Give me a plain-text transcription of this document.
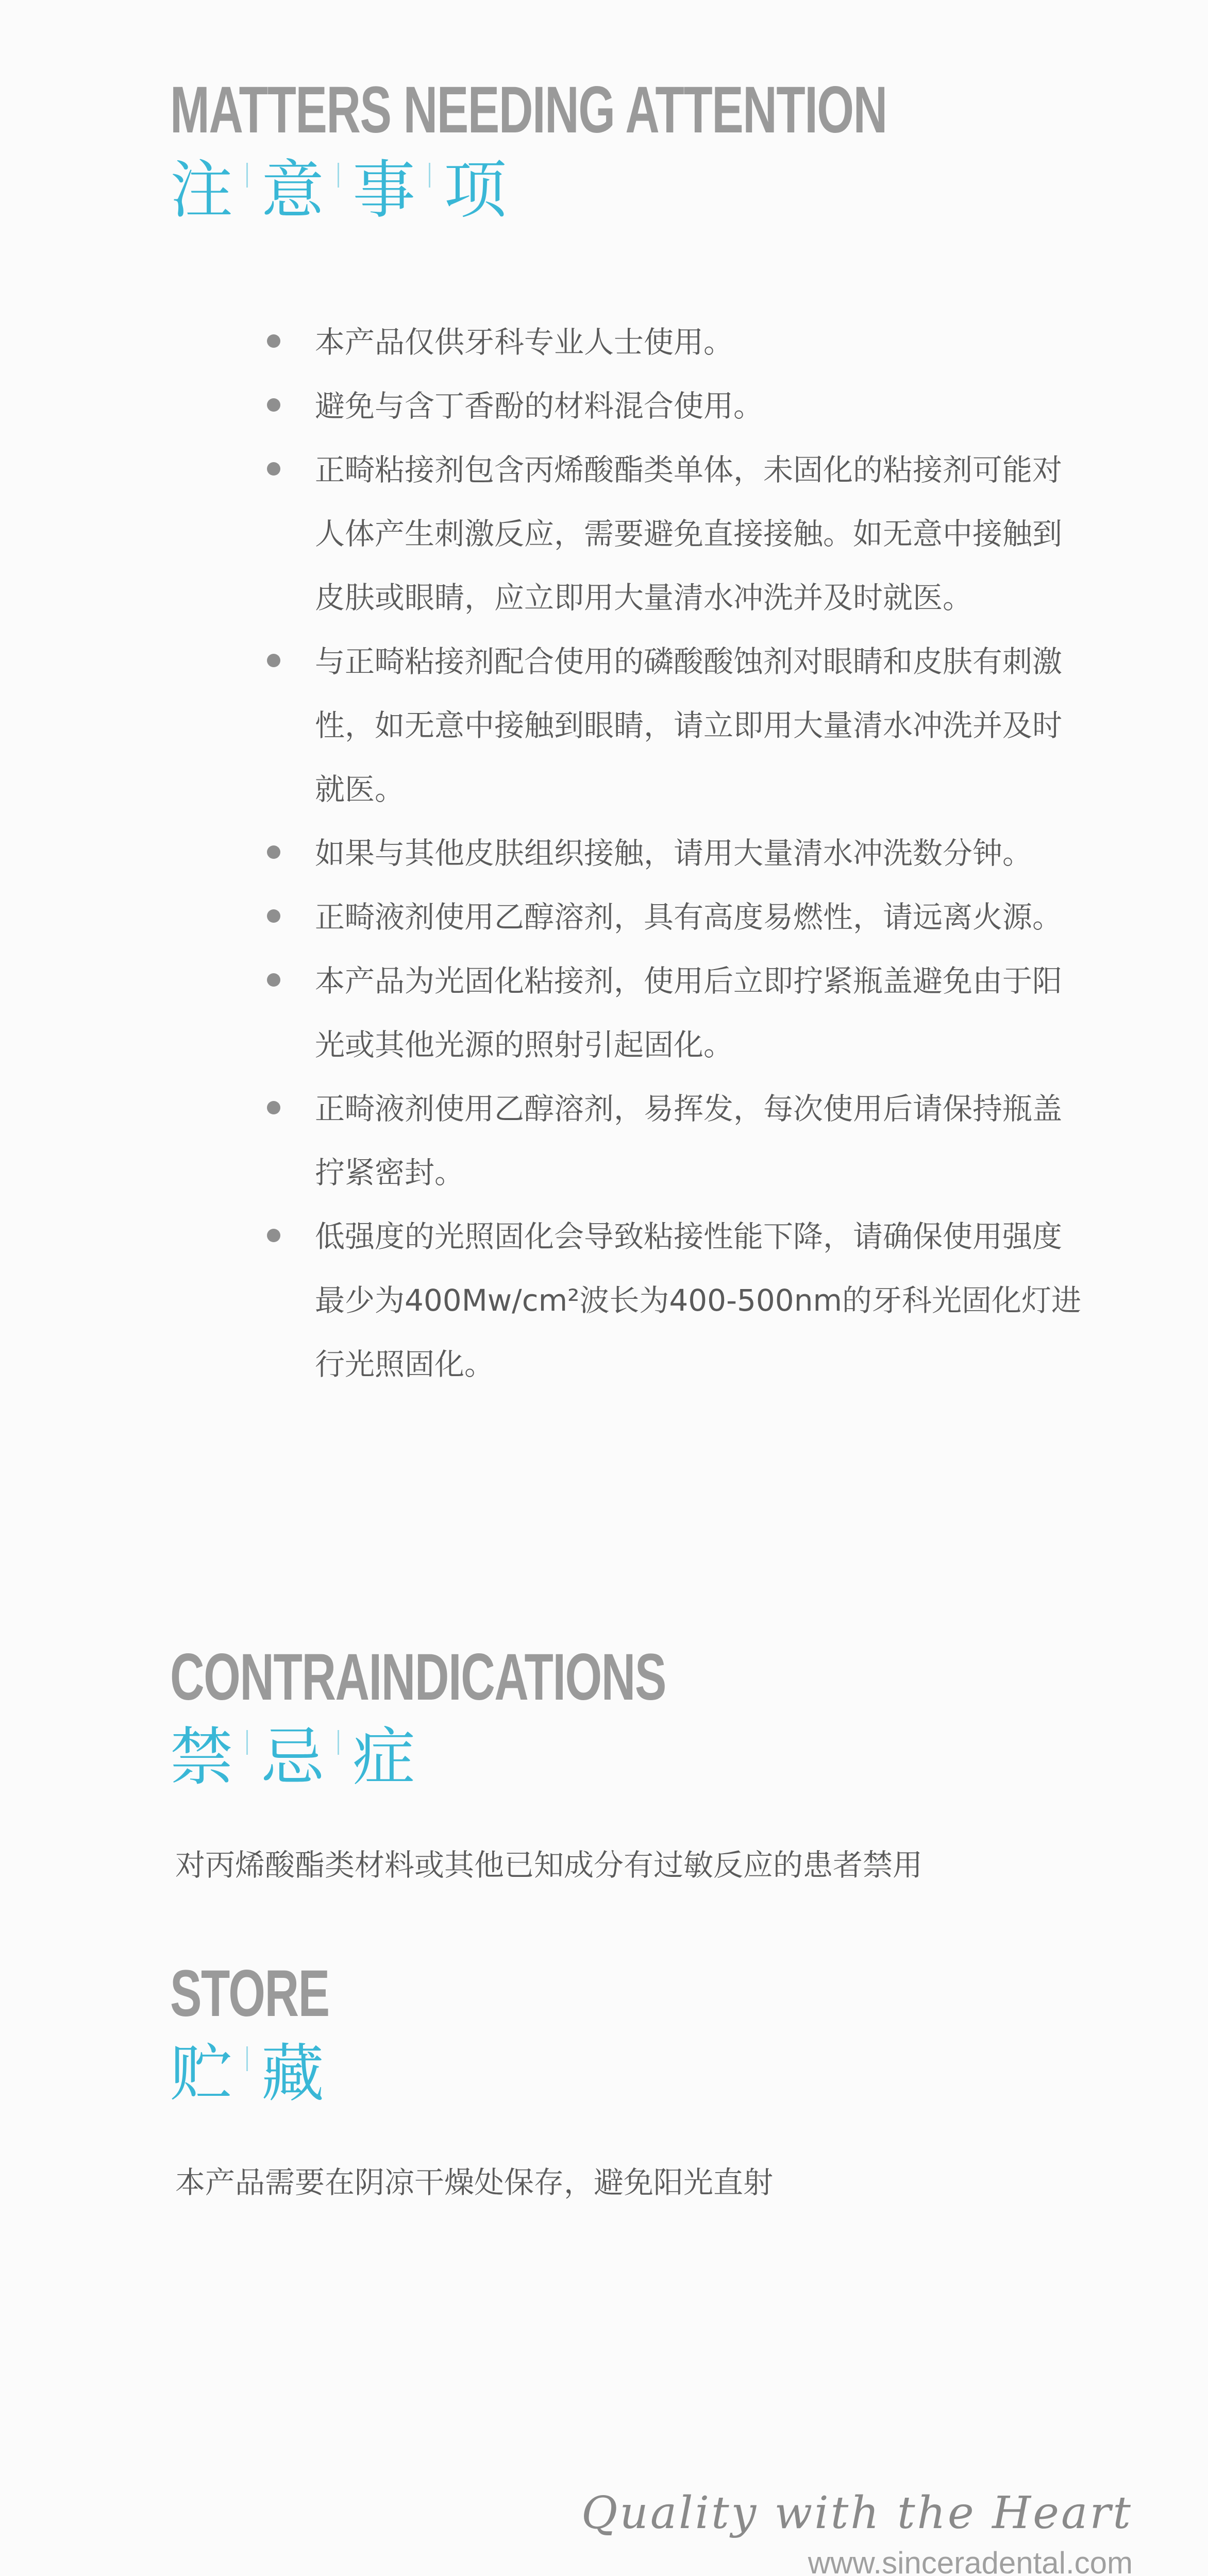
MATTERS NEEDING ATTENTION
注 意 事 项
本产品仅供牙科专业人士使用。
避免与含丁香酚的材料混合使用。
正畸粘接剂包含丙烯酸酯类单体，未固化的粘接剂可能对人体产生刺激反应，需要避免直接接触。如无意中接触到皮肤或眼睛，应立即用大量清水冲洗并及时就医。
与正畸粘接剂配合使用的磷酸酸蚀剂对眼睛和皮肤有刺激性，如无意中接触到眼睛，请立即用大量清水冲洗并及时就医。
如果与其他皮肤组织接触，请用大量清水冲洗数分钟。
正畸液剂使用乙醇溶剂，具有高度易燃性，请远离火源。
本产品为光固化粘接剂，使用后立即拧紧瓶盖避免由于阳光或其他光源的照射引起固化。
正畸液剂使用乙醇溶剂，易挥发，每次使用后请保持瓶盖拧紧密封。
低强度的光照固化会导致粘接性能下降，请确保使用强度最少为400Mw/cm²波长为400-500nm的牙科光固化灯进行光照固化。
CONTRAINDICATIONS
禁 忌 症

对丙烯酸酯类材料或其他已知成分有过敏反应的患者禁用

STORE
贮 藏

本产品需要在阴凉干燥处保存，避免阳光直射

Quality with the Heart
www.sinceradental.com
